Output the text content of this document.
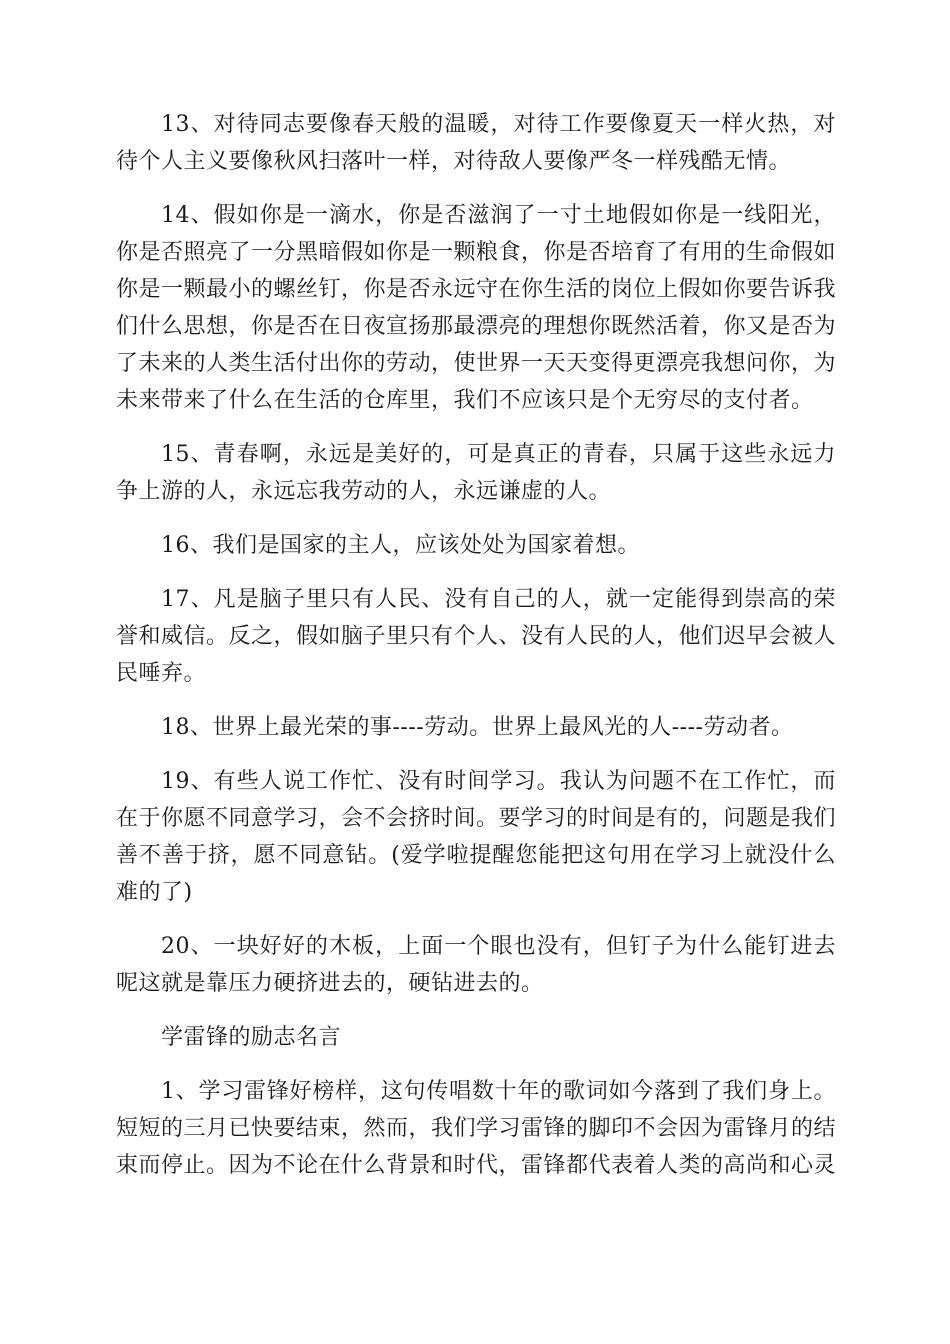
13、对待同志要像春天般的温暖，对待工作要像夏天一样火热，对待个人主义要像秋风扫落叶一样，对待敌人要像严冬一样残酷无情。

14、假如你是一滴水，你是否滋润了一寸土地假如你是一线阳光，你是否照亮了一分黑暗假如你是一颗粮食，你是否培育了有用的生命假如你是一颗最小的螺丝钉，你是否永远守在你生活的岗位上假如你要告诉我们什么思想，你是否在日夜宣扬那最漂亮的理想你既然活着，你又是否为了未来的人类生活付出你的劳动，使世界一天天变得更漂亮我想问你，为未来带来了什么在生活的仓库里，我们不应该只是个无穷尽的支付者。

15、青春啊，永远是美好的，可是真正的青春，只属于这些永远力争上游的人，永远忘我劳动的人，永远谦虚的人。

16、我们是国家的主人，应该处处为国家着想。

17、凡是脑子里只有人民、没有自己的人，就一定能得到崇高的荣誉和威信。反之，假如脑子里只有个人、没有人民的人，他们迟早会被人民唾弃。

18、世界上最光荣的事----劳动。世界上最风光的人----劳动者。

19、有些人说工作忙、没有时间学习。我认为问题不在工作忙，而在于你愿不同意学习，会不会挤时间。要学习的时间是有的，问题是我们善不善于挤，愿不同意钻。(爱学啦提醒您能把这句用在学习上就没什么难的了)

20、一块好好的木板，上面一个眼也没有，但钉子为什么能钉进去呢这就是靠压力硬挤进去的，硬钻进去的。

学雷锋的励志名言

1、学习雷锋好榜样，这句传唱数十年的歌词如今落到了我们身上。短短的三月已快要结束，然而，我们学习雷锋的脚印不会因为雷锋月的结束而停止。因为不论在什么背景和时代，雷锋都代表着人类的高尚和心灵
